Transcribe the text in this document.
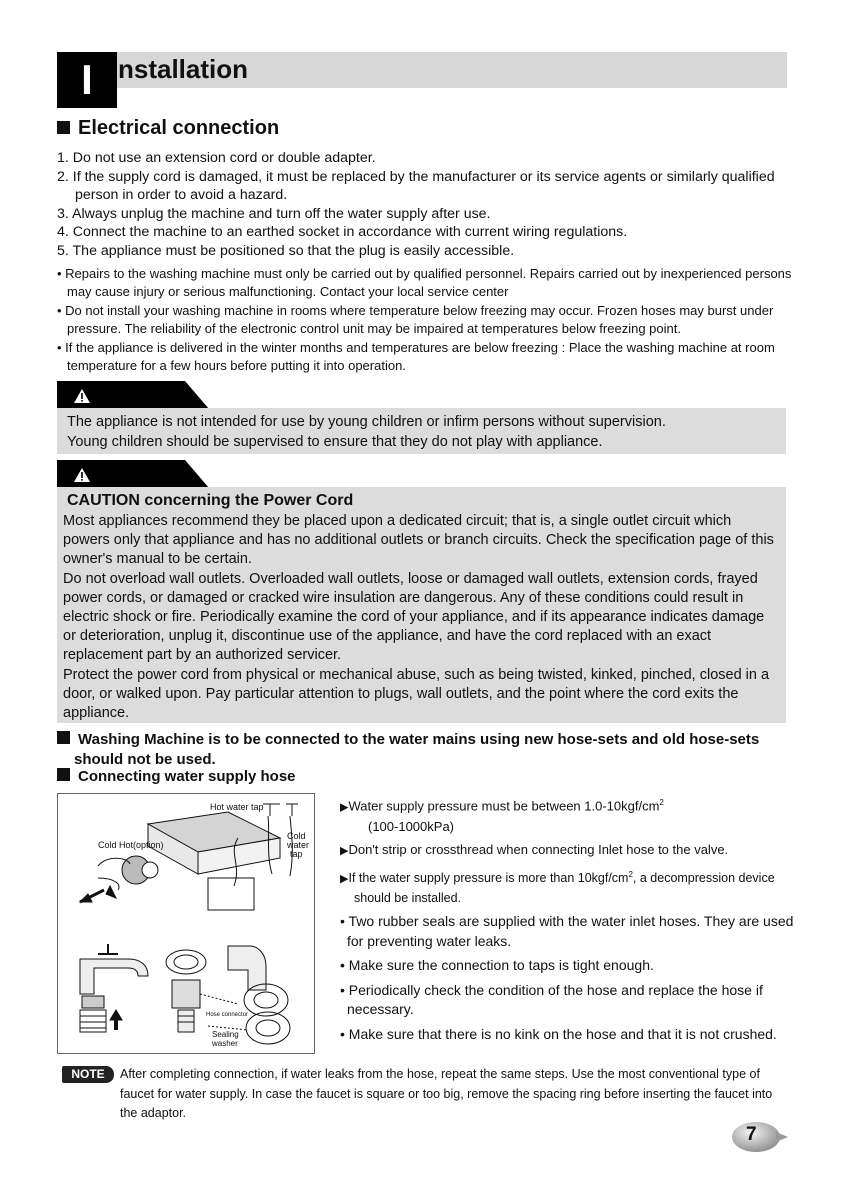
I nstallation
Electrical connection
1. Do not use an extension cord or double adapter.
2. If the supply cord is damaged, it must be replaced by the manufacturer or its service agents or similarly qualified person in order to avoid a hazard.
3. Always unplug the machine and turn off the water supply after use.
4. Connect the machine to an earthed socket in accordance with current wiring regulations.
5. The appliance must be positioned so that the plug is easily accessible.
• Repairs to the washing machine must only be carried out by qualified personnel. Repairs carried out by inexperienced persons may cause injury or serious malfunctioning. Contact your local service center
• Do not install your washing machine in rooms where temperature below freezing may occur. Frozen hoses may burst under pressure. The reliability of the electronic control unit may be impaired at temperatures below freezing point.
• If the appliance is delivered in the winter months and temperatures are below freezing : Place the washing machine at room temperature for a few hours before putting it into operation.
The appliance is not intended for use by young children or infirm persons without supervision.
Young children should be supervised to ensure that they do not play with appliance.
CAUTION concerning the Power Cord
Most appliances recommend they be placed upon a dedicated circuit; that is, a single outlet circuit which powers only that appliance and has no additional outlets or branch circuits. Check the specification page of this owner's manual to be certain.
Do not overload wall outlets. Overloaded wall outlets, loose or damaged wall outlets, extension cords, frayed power cords, or damaged or cracked wire insulation are dangerous. Any of these conditions could result in electric shock or fire. Periodically examine the cord of your appliance, and if its appearance indicates damage or deterioration, unplug it, discontinue use of the appliance, and have the cord replaced with an exact replacement part by an authorized servicer.
Protect the power cord from physical or mechanical abuse, such as being twisted, kinked, pinched, closed in a door, or walked upon. Pay particular attention to plugs, wall outlets, and the point where the cord exits the appliance.
Washing Machine is to be connected to the water mains using new hose-sets and old hose-sets
should not be used.
Connecting water supply hose
Hot water tap
Cold Hot(option)
Cold
water
tap
Hose connector
Sealing
washer
▶Water supply pressure must be between $1.0-10kgf/cm^2$
(100-1000kPa)
▶Don't strip or crossthread when connecting Inlet hose to the valve.
▶If the water supply pressure is more than $10kgf/cm^2$, a decompression device should be installed.
• Two rubber seals are supplied with the water inlet hoses. They are used for preventing water leaks.
• Make sure the connection to taps is tight enough.
• Periodically check the condition of the hose and replace the hose if necessary.
• Make sure that there is no kink on the hose and that it is not crushed.
NOTE	After completing connection, if water leaks from the hose, repeat the same steps. Use the most conventional type of faucet for water supply. In case the faucet is square or too big, remove the spacing ring before inserting the faucet into the adaptor.
7
